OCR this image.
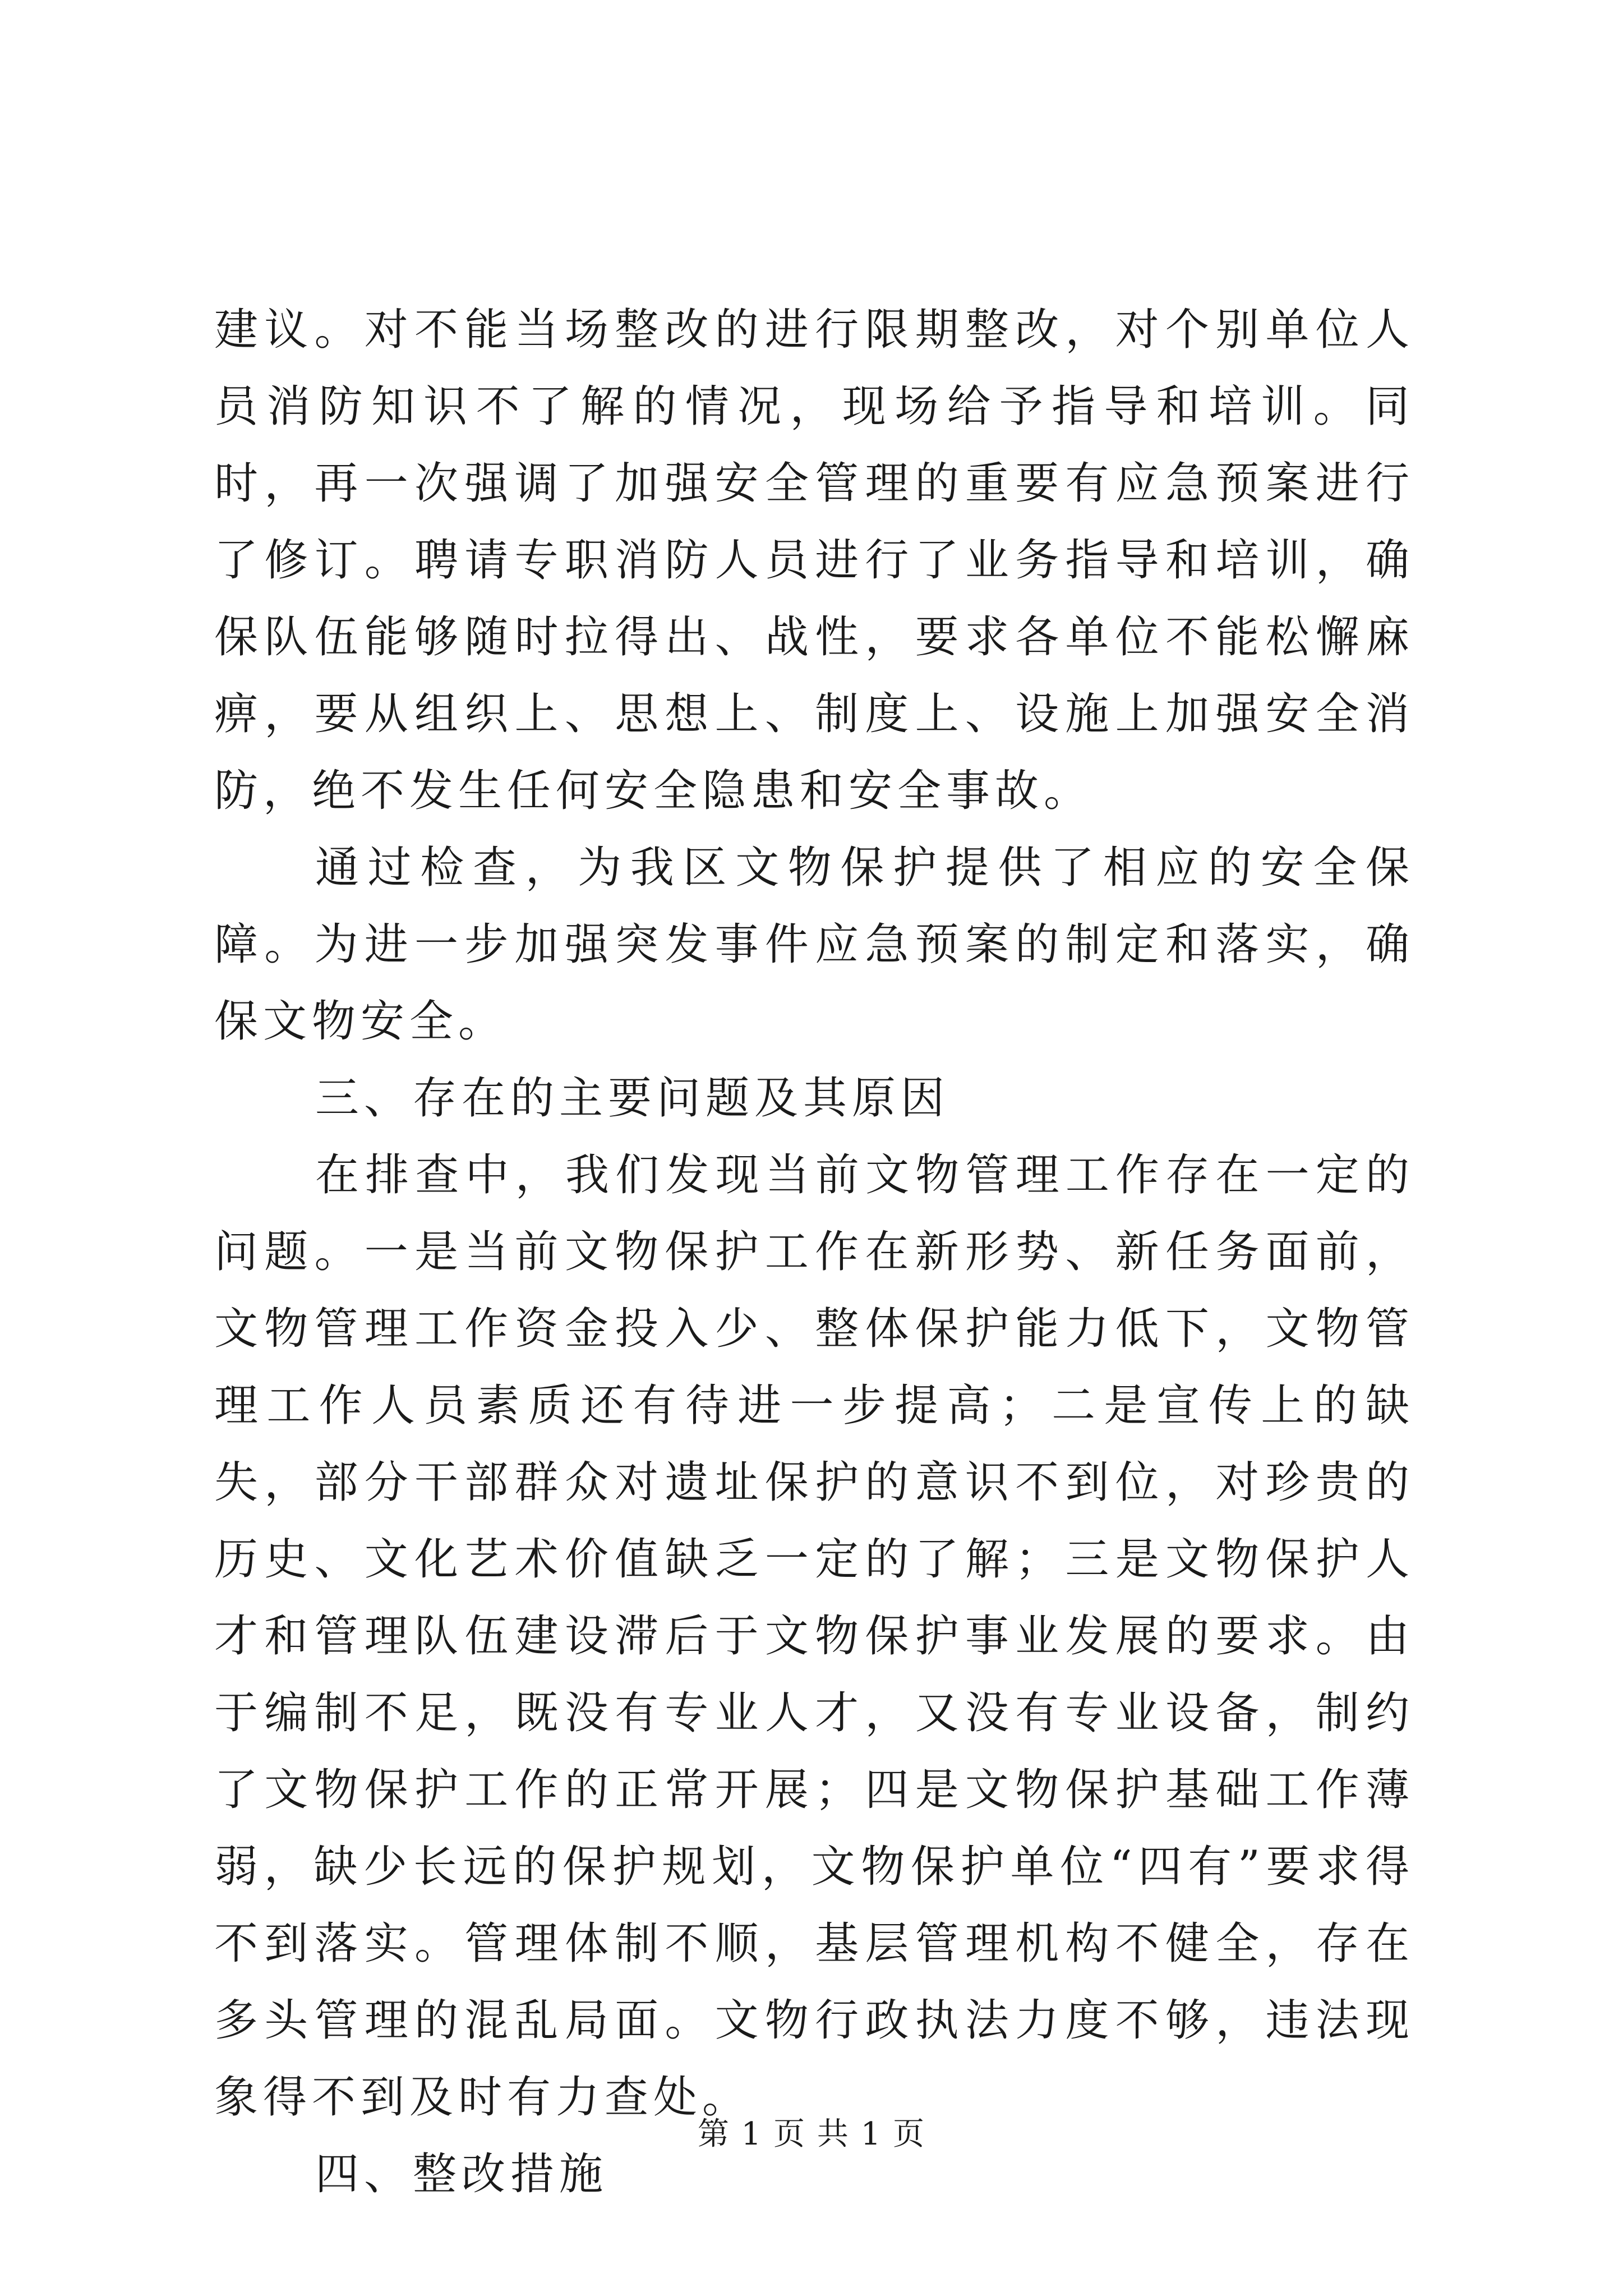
建议。对不能当场整改的进行限期整改，对个别单位人员消防知识不了解的情况，现场给予指导和培训。同时，再一次强调了加强安全管理的重要有应急预案进行了修订。聘请专职消防人员进行了业务指导和培训，确保队伍能够随时拉得出、战性，要求各单位不能松懈麻痹，要从组织上、思想上、制度上、设施上加强安全消防，绝不发生任何安全隐患和安全事故。

通过检查，为我区文物保护提供了相应的安全保障。为进一步加强突发事件应急预案的制定和落实，确保文物安全。

三、存在的主要问题及其原因

在排查中，我们发现当前文物管理工作存在一定的问题。一是当前文物保护工作在新形势、新任务面前，文物管理工作资金投入少、整体保护能力低下，文物管理工作人员素质还有待进一步提高；二是宣传上的缺失，部分干部群众对遗址保护的意识不到位，对珍贵的历史、文化艺术价值缺乏一定的了解；三是文物保护人才和管理队伍建设滞后于文物保护事业发展的要求。由于编制不足，既没有专业人才，又没有专业设备，制约了文物保护工作的正常开展；四是文物保护基础工作薄弱，缺少长远的保护规划，文物保护单位“四有”要求得不到落实。管理体制不顺，基层管理机构不健全，存在多头管理的混乱局面。文物行政执法力度不够，违法现象得不到及时有力查处。

四、整改措施

第 1 页 共 1 页
